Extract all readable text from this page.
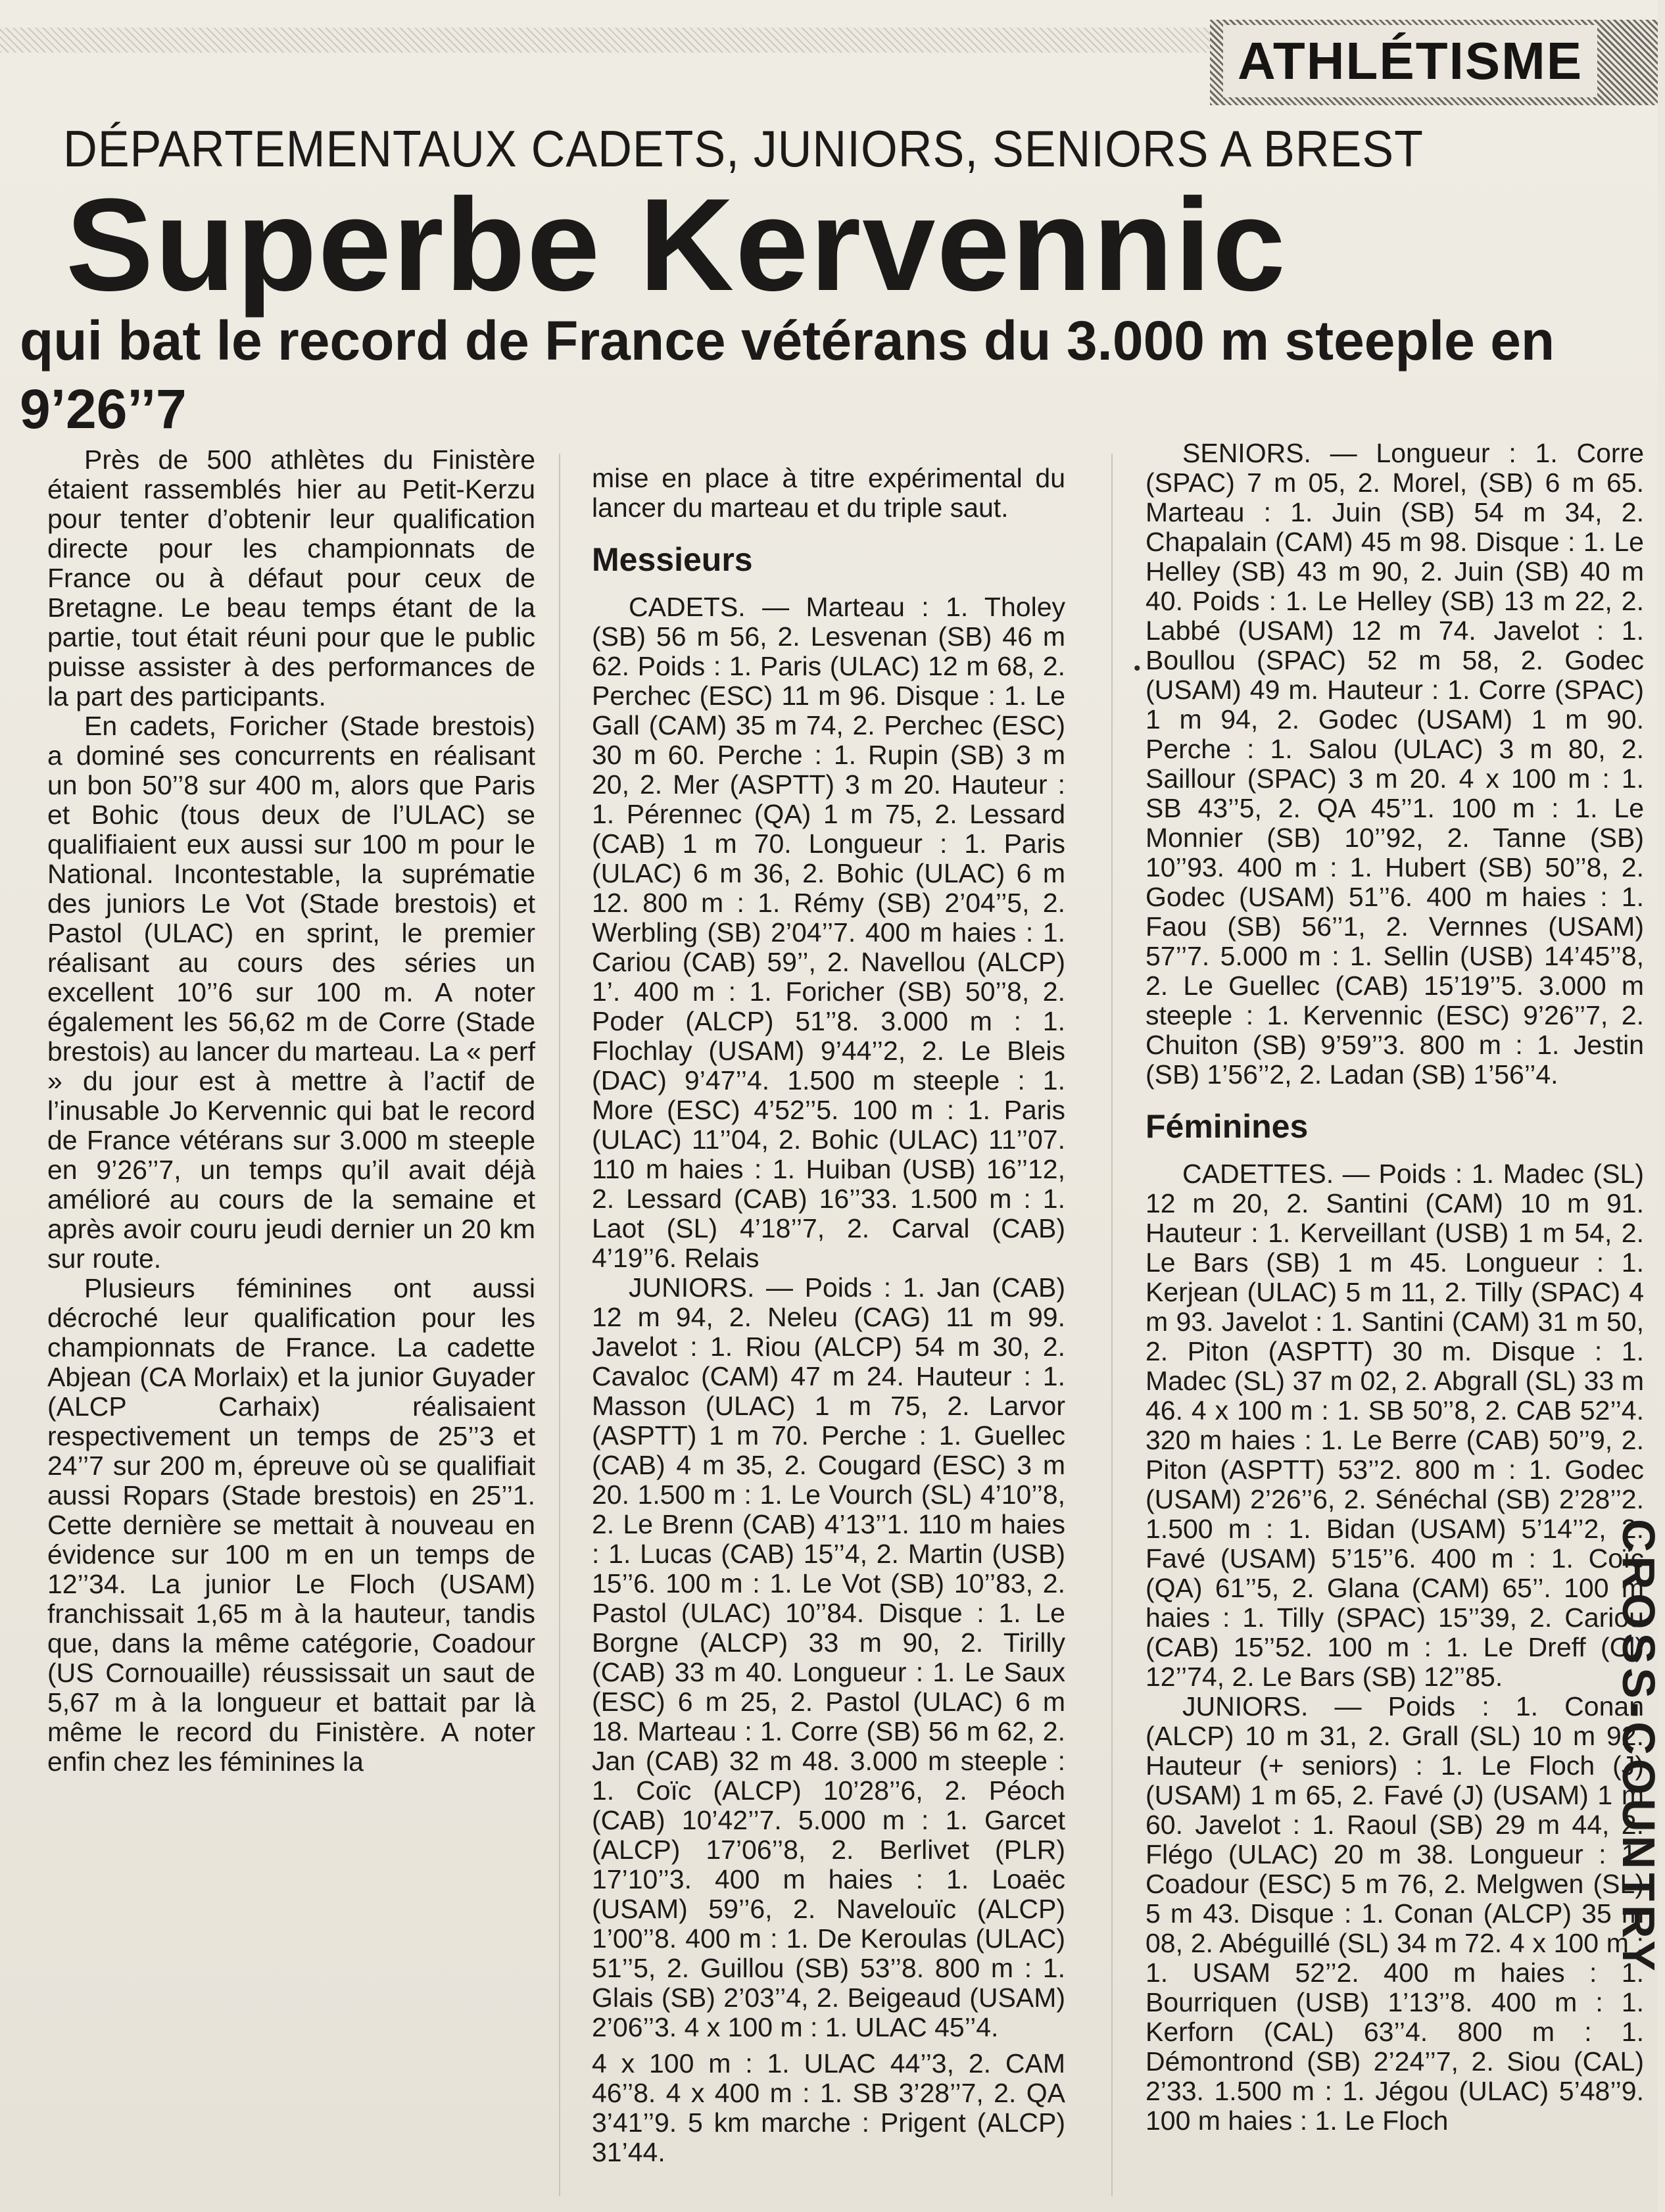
ATHLÉTISME
DÉPARTEMENTAUX CADETS, JUNIORS, SENIORS A BREST
Superbe Kervennic
qui bat le record de France vétérans du 3.000 m steeple en 9’26’’7

Près de 500 athlètes du Finistère étaient rassemblés hier au Petit-Kerzu pour tenter d’obtenir leur qualification directe pour les championnats de France ou à défaut pour ceux de Bretagne. Le beau temps étant de la partie, tout était réuni pour que le public puisse assister à des performances de la part des participants.

En cadets, Foricher (Stade brestois) a dominé ses concurrents en réalisant un bon 50’’8 sur 400 m, alors que Paris et Bohic (tous deux de l’ULAC) se qualifiaient eux aussi sur 100 m pour le National. Incontestable, la suprématie des juniors Le Vot (Stade brestois) et Pastol (ULAC) en sprint, le premier réalisant au cours des séries un excellent 10’’6 sur 100 m. A noter également les 56,62 m de Corre (Stade brestois) au lancer du marteau. La « perf » du jour est à mettre à l’actif de l’inusable Jo Kervennic qui bat le record de France vétérans sur 3.000 m steeple en 9’26’’7, un temps qu’il avait déjà amélioré au cours de la semaine et après avoir couru jeudi dernier un 20 km sur route.

Plusieurs féminines ont aussi décroché leur qualification pour les championnats de France. La cadette Abjean (CA Morlaix) et la junior Guyader (ALCP Carhaix) réalisaient respectivement un temps de 25’’3 et 24’’7 sur 200 m, épreuve où se qualifiait aussi Ropars (Stade brestois) en 25’’1. Cette dernière se mettait à nouveau en évidence sur 100 m en un temps de 12’’34. La junior Le Floch (USAM) franchissait 1,65 m à la hauteur, tandis que, dans la même catégorie, Coadour (US Cornouaille) réussissait un saut de 5,67 m à la longueur et battait par là même le record du Finistère. A noter enfin chez les féminines la

mise en place à titre expérimental du lancer du marteau et du triple saut.

Messieurs

CADETS. — Marteau : 1. Tholey (SB) 56 m 56, 2. Lesvenan (SB) 46 m 62. Poids : 1. Paris (ULAC) 12 m 68, 2. Perchec (ESC) 11 m 96. Disque : 1. Le Gall (CAM) 35 m 74, 2. Perchec (ESC) 30 m 60. Perche : 1. Rupin (SB) 3 m 20, 2. Mer (ASPTT) 3 m 20. Hauteur : 1. Pérennec (QA) 1 m 75, 2. Lessard (CAB) 1 m 70. Longueur : 1. Paris (ULAC) 6 m 36, 2. Bohic (ULAC) 6 m 12. 800 m : 1. Rémy (SB) 2’04’’5, 2. Werbling (SB) 2’04’’7. 400 m haies : 1. Cariou (CAB) 59’’, 2. Navellou (ALCP) 1’. 400 m : 1. Foricher (SB) 50’’8, 2. Poder (ALCP) 51’’8. 3.000 m : 1. Flochlay (USAM) 9’44’’2, 2. Le Bleis (DAC) 9’47’’4. 1.500 m steeple : 1. More (ESC) 4’52’’5. 100 m : 1. Paris (ULAC) 11’’04, 2. Bohic (ULAC) 11’’07. 110 m haies : 1. Huiban (USB) 16’’12, 2. Lessard (CAB) 16’’33. 1.500 m : 1. Laot (SL) 4’18’’7, 2. Carval (CAB) 4’19’’6. Relais

JUNIORS. — Poids : 1. Jan (CAB) 12 m 94, 2. Neleu (CAG) 11 m 99. Javelot : 1. Riou (ALCP) 54 m 30, 2. Cavaloc (CAM) 47 m 24. Hauteur : 1. Masson (ULAC) 1 m 75, 2. Larvor (ASPTT) 1 m 70. Perche : 1. Guellec (CAB) 4 m 35, 2. Cougard (ESC) 3 m 20. 1.500 m : 1. Le Vourch (SL) 4’10’’8, 2. Le Brenn (CAB) 4’13’’1. 110 m haies : 1. Lucas (CAB) 15’’4, 2. Martin (USB) 15’’6. 100 m : 1. Le Vot (SB) 10’’83, 2. Pastol (ULAC) 10’’84. Disque : 1. Le Borgne (ALCP) 33 m 90, 2. Tirilly (CAB) 33 m 40. Longueur : 1. Le Saux (ESC) 6 m 25, 2. Pastol (ULAC) 6 m 18. Marteau : 1. Corre (SB) 56 m 62, 2. Jan (CAB) 32 m 48. 3.000 m steeple : 1. Coïc (ALCP) 10’28’’6, 2. Péoch (CAB) 10’42’’7. 5.000 m : 1. Garcet (ALCP) 17’06’’8, 2. Berlivet (PLR) 17’10’’3. 400 m haies : 1. Loaëc (USAM) 59’’6, 2. Navelouïc (ALCP) 1’00’’8. 400 m : 1. De Keroulas (ULAC) 51’’5, 2. Guillou (SB) 53’’8. 800 m : 1. Glais (SB) 2’03’’4, 2. Beigeaud (USAM) 2’06’’3. 4 x 100 m : 1. ULAC 45’’4.

4 x 100 m : 1. ULAC 44’’3, 2. CAM 46’’8. 4 x 400 m : 1. SB 3’28’’7, 2. QA 3’41’’9. 5 km marche : Prigent (ALCP) 31’44.

SENIORS. — Longueur : 1. Corre (SPAC) 7 m 05, 2. Morel, (SB) 6 m 65. Marteau : 1. Juin (SB) 54 m 34, 2. Chapalain (CAM) 45 m 98. Disque : 1. Le Helley (SB) 43 m 90, 2. Juin (SB) 40 m 40. Poids : 1. Le Helley (SB) 13 m 22, 2. Labbé (USAM) 12 m 74. Javelot : 1. Boullou (SPAC) 52 m 58, 2. Godec (USAM) 49 m. Hauteur : 1. Corre (SPAC) 1 m 94, 2. Godec (USAM) 1 m 90. Perche : 1. Salou (ULAC) 3 m 80, 2. Saillour (SPAC) 3 m 20. 4 x 100 m : 1. SB 43’’5, 2. QA 45’’1. 100 m : 1. Le Monnier (SB) 10’’92, 2. Tanne (SB) 10’’93. 400 m : 1. Hubert (SB) 50’’8, 2. Godec (USAM) 51’’6. 400 m haies : 1. Faou (SB) 56’’1, 2. Vernnes (USAM) 57’’7. 5.000 m : 1. Sellin (USB) 14’45’’8, 2. Le Guellec (CAB) 15’19’’5. 3.000 m steeple : 1. Kervennic (ESC) 9’26’’7, 2. Chuiton (SB) 9’59’’3. 800 m : 1. Jestin (SB) 1’56’’2, 2. Ladan (SB) 1’56’’4.

Féminines

CADETTES. — Poids : 1. Madec (SL) 12 m 20, 2. Santini (CAM) 10 m 91. Hauteur : 1. Kerveillant (USB) 1 m 54, 2. Le Bars (SB) 1 m 45. Longueur : 1. Kerjean (ULAC) 5 m 11, 2. Tilly (SPAC) 4 m 93. Javelot : 1. Santini (CAM) 31 m 50, 2. Piton (ASPTT) 30 m. Disque : 1. Madec (SL) 37 m 02, 2. Abgrall (SL) 33 m 46. 4 x 100 m : 1. SB 50’’8, 2. CAB 52’’4. 320 m haies : 1. Le Berre (CAB) 50’’9, 2. Piton (ASPTT) 53’’2. 800 m : 1. Godec (USAM) 2’26’’6, 2. Sénéchal (SB) 2’28’’2. 1.500 m : 1. Bidan (USAM) 5’14’’2, 2. Favé (USAM) 5’15’’6. 400 m : 1. Coïc (QA) 61’’5, 2. Glana (CAM) 65’’. 100 m haies : 1. Tilly (SPAC) 15’’39, 2. Cariou (CAB) 15’’52. 100 m : 1. Le Dreff (Cl) 12’’74, 2. Le Bars (SB) 12’’85.

JUNIORS. — Poids : 1. Conan (ALCP) 10 m 31, 2. Grall (SL) 10 m 92. Hauteur (+ seniors) : 1. Le Floch (J) (USAM) 1 m 65, 2. Favé (J) (USAM) 1 m 60. Javelot : 1. Raoul (SB) 29 m 44, 2. Flégo (ULAC) 20 m 38. Longueur : 1. Coadour (ESC) 5 m 76, 2. Melgwen (SL) 5 m 43. Disque : 1. Conan (ALCP) 35 m 08, 2. Abéguillé (SL) 34 m 72. 4 x 100 m : 1. USAM 52’’2. 400 m haies : 1. Bourriquen (USB) 1’13’’8. 400 m : 1. Kerforn (CAL) 63’’4. 800 m : 1. Démontrond (SB) 2’24’’7, 2. Siou (CAL) 2’33. 1.500 m : 1. Jégou (ULAC) 5’48’’9. 100 m haies : 1. Le Floch

•
CROSS-COUNTRY
